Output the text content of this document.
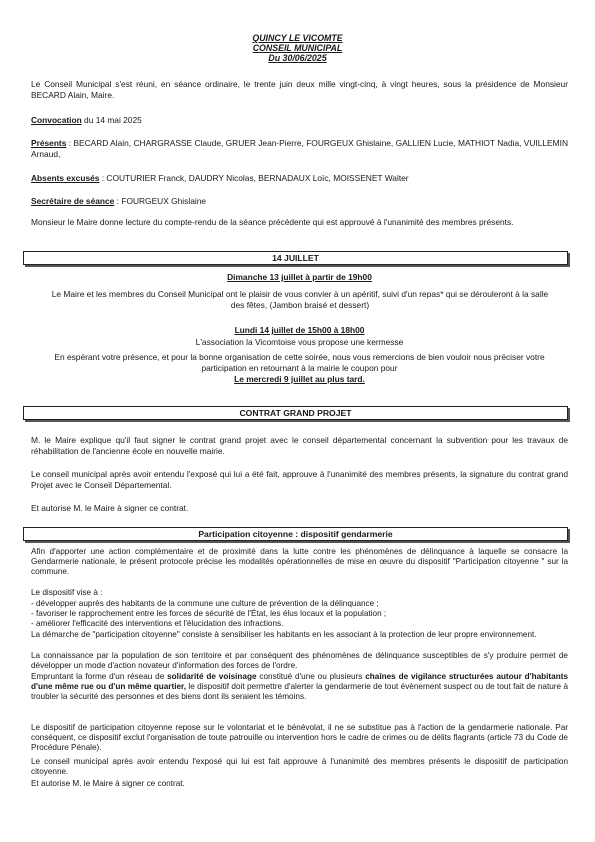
QUINCY LE VICOMTE

CONSEIL MUNICIPAL

Du 30/06/2025

Le Conseil Municipal s'est réuni, en séance ordinaire, le trente juin deux mille vingt-cinq, à vingt heures, sous la présidence de Monsieur BECARD Alain, Maire.

Convocation du 14 mai 2025

Présents : BECARD Alain, CHARGRASSE Claude, GRUER Jean-Pierre, FOURGEUX Ghislaine, GALLIEN Lucie, MATHIOT Nadia, VUILLEMIN Arnaud,

Absents excusés : COUTURIER Franck, DAUDRY Nicolas, BERNADAUX Loïc, MOISSENET Walter

Secrétaire de séance : FOURGEUX Ghislaine

Monsieur le Maire donne lecture du compte-rendu de la séance précédente qui est approuvé à l'unanimité des membres présents.

14 JUILLET

Dimanche 13 juillet à partir de 19h00

Le Maire et les membres du Conseil Municipal ont le plaisir de vous convier à un apéritif, suivi d'un repas* qui se dérouleront à la salle des fêtes, (Jambon braisé et dessert)

Lundi 14 juillet de 15h00 à 18h00

L'association la Vicomtoise vous propose une kermesse

En espérant votre présence, et pour la bonne organisation de cette soirée, nous vous remercions de bien vouloir nous préciser votre participation en retournant à la mairie le coupon pour

Le mercredi 9 juillet au plus tard.

CONTRAT GRAND PROJET

M. le Maire explique qu'il faut signer le contrat grand projet avec le conseil départemental concernant la subvention pour les travaux de réhabilitation de l'ancienne école en nouvelle mairie.

Le conseil municipal après avoir entendu l'exposé qui lui a été fait, approuve à l'unanimité des membres présents, la signature du contrat grand Projet avec le Conseil Départemental.

Et autorise M. le Maire à signer ce contrat.

Participation citoyenne : dispositif gendarmerie

Afin d'apporter une action complémentaire et de proximité dans la lutte contre les phénomènes de délinquance à laquelle se consacre la Gendarmerie nationale, le présent protocole précise les modalités opérationnelles de mise en œuvre du dispositif "Participation citoyenne " sur la commune.

Le dispositif vise à :

- développer auprès des habitants de la commune une culture de prévention de la délinquance ;
- favoriser le rapprochement entre les forces de sécurité de l'État, les élus locaux et la population ;
- améliorer l'efficacité des interventions et l'élucidation des infractions.

La démarche de "participation citoyenne" consiste à sensibiliser les habitants en les associant à la protection de leur propre environnement.

La connaissance par la population de son territoire et par conséquent des phénomènes de délinquance susceptibles de s'y produire permet de développer un mode d'action novateur d'information des forces de l'ordre.

Empruntant la forme d'un réseau de solidarité de voisinage constitué d'une ou plusieurs chaînes de vigilance structurées autour d'habitants d'une même rue ou d'un même quartier, le dispositif doit permettre d'alerter la gendarmerie de tout évènement suspect ou de tout fait de nature à troubler la sécurité des personnes et des biens dont ils seraient les témoins.

Le dispositif de participation citoyenne repose sur le volontariat et le bénévolat, il ne se substitue pas à l'action de la gendarmerie nationale. Par conséquent, ce dispositif exclut l'organisation de toute patrouille ou intervention hors le cadre de crimes ou de délits flagrants (article 73 du Code de Procédure Pénale).

Le conseil municipal après avoir entendu l'exposé qui lui est fait approuve à l'unanimité des membres présents le dispositif de participation citoyenne.

Et autorise M. le Maire à signer ce contrat.
